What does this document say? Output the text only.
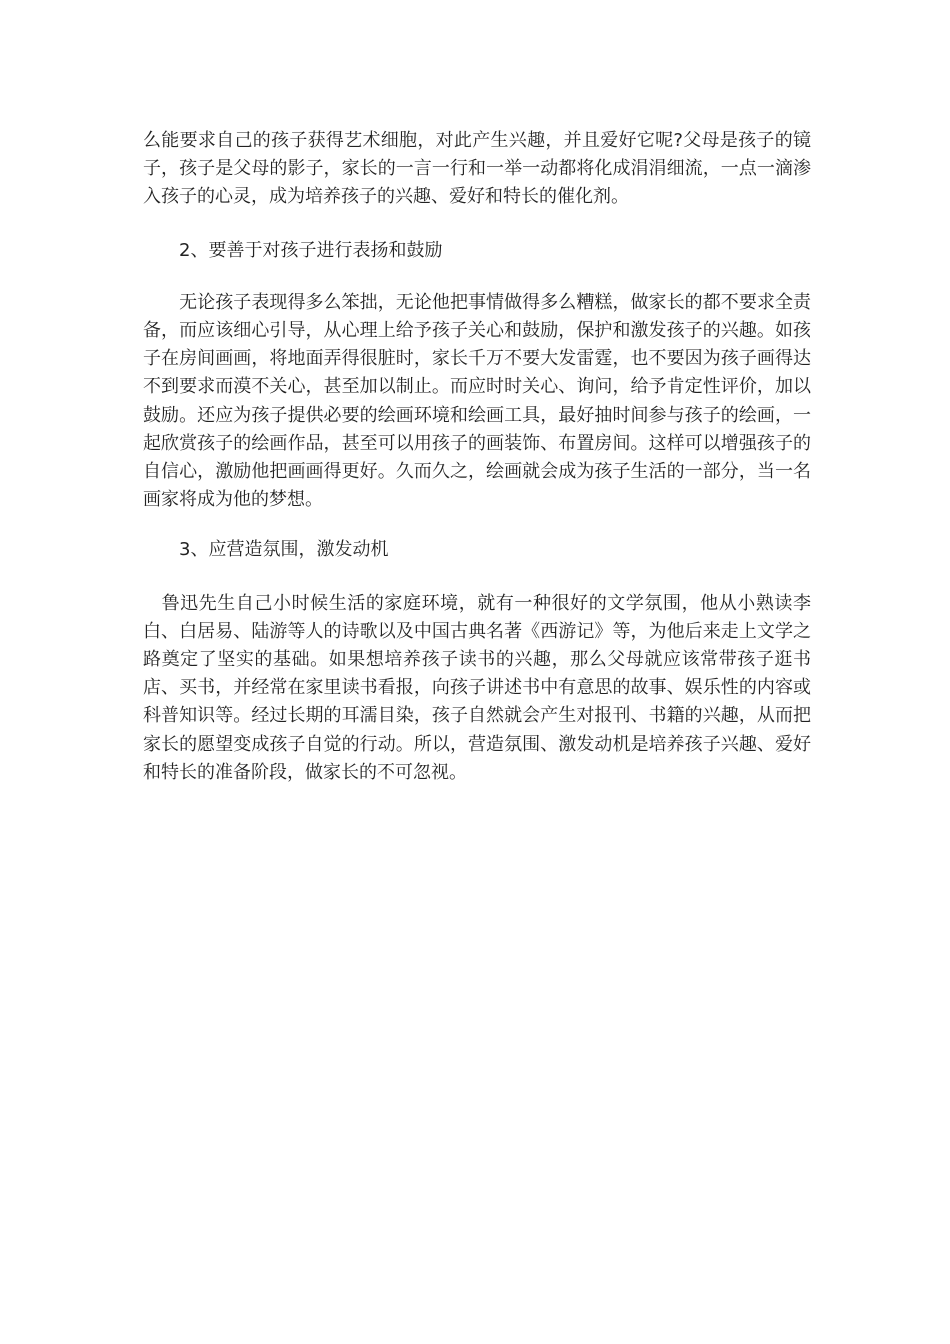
么能要求自己的孩子获得艺术细胞，对此产生兴趣，并且爱好它呢?父母是孩子的镜子，孩子是父母的影子，家长的一言一行和一举一动都将化成涓涓细流，一点一滴渗入孩子的心灵，成为培养孩子的兴趣、爱好和特长的催化剂。

　　2、要善于对孩子进行表扬和鼓励

　　无论孩子表现得多么笨拙，无论他把事情做得多么糟糕，做家长的都不要求全责备，而应该细心引导，从心理上给予孩子关心和鼓励，保护和激发孩子的兴趣。如孩子在房间画画，将地面弄得很脏时，家长千万不要大发雷霆，也不要因为孩子画得达不到要求而漠不关心，甚至加以制止。而应时时关心、询问，给予肯定性评价，加以鼓励。还应为孩子提供必要的绘画环境和绘画工具，最好抽时间参与孩子的绘画，一起欣赏孩子的绘画作品，甚至可以用孩子的画装饰、布置房间。这样可以增强孩子的自信心，激励他把画画得更好。久而久之，绘画就会成为孩子生活的一部分，当一名画家将成为他的梦想。

　　3、应营造氛围，激发动机

　鲁迅先生自己小时候生活的家庭环境，就有一种很好的文学氛围，他从小熟读李白、白居易、陆游等人的诗歌以及中国古典名著《西游记》等，为他后来走上文学之路奠定了坚实的基础。如果想培养孩子读书的兴趣，那么父母就应该常带孩子逛书店、买书，并经常在家里读书看报，向孩子讲述书中有意思的故事、娱乐性的内容或科普知识等。经过长期的耳濡目染，孩子自然就会产生对报刊、书籍的兴趣，从而把家长的愿望变成孩子自觉的行动。所以，营造氛围、激发动机是培养孩子兴趣、爱好和特长的准备阶段，做家长的不可忽视。
